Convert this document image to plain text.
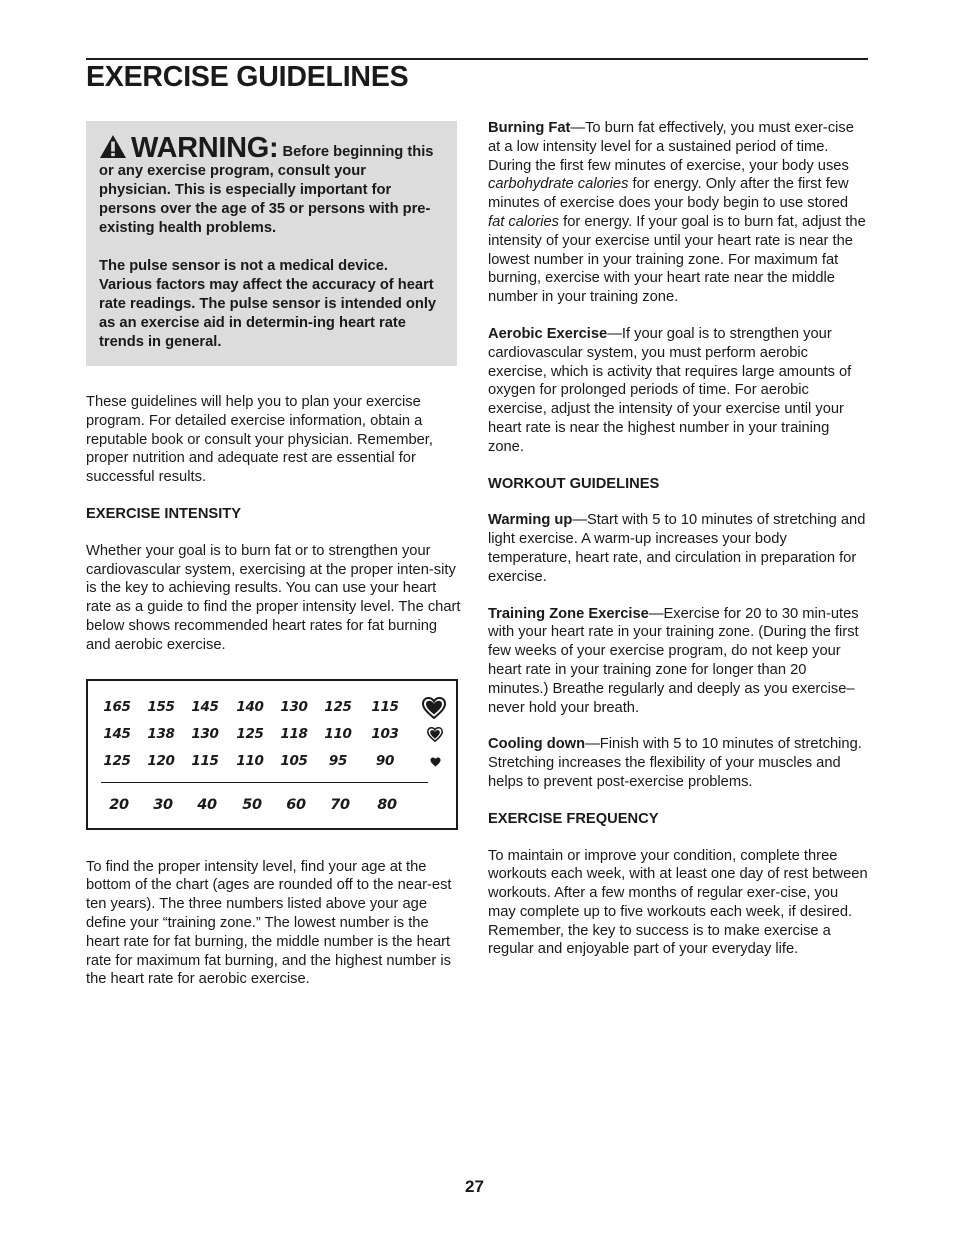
EXERCISE GUIDELINES

WARNING: Before beginning this or any exercise program, consult your physician. This is especially important for persons over the age of 35 or persons with pre-existing health problems.

The pulse sensor is not a medical device. Various factors may affect the accuracy of heart rate readings. The pulse sensor is intended only as an exercise aid in determin-ing heart rate trends in general.

These guidelines will help you to plan your exercise program. For detailed exercise information, obtain a reputable book or consult your physician. Remember, proper nutrition and adequate rest are essential for successful results.

EXERCISE INTENSITY

Whether your goal is to burn fat or to strengthen your cardiovascular system, exercising at the proper inten-sity is the key to achieving results. You can use your heart rate as a guide to find the proper intensity level. The chart below shows recommended heart rates for fat burning and aerobic exercise.

165	155	145	140	130	125	115
145	138	130	125	118	110	103
125	120	115	110	105	95	90
20	30	40	50	60	70	80

To find the proper intensity level, find your age at the bottom of the chart (ages are rounded off to the near-est ten years). The three numbers listed above your age define your “training zone.” The lowest number is the heart rate for fat burning, the middle number is the heart rate for maximum fat burning, and the highest number is the heart rate for aerobic exercise.

Burning Fat—To burn fat effectively, you must exer-cise at a low intensity level for a sustained period of time. During the first few minutes of exercise, your body uses carbohydrate calories for energy. Only after the first few minutes of exercise does your body begin to use stored fat calories for energy. If your goal is to burn fat, adjust the intensity of your exercise until your heart rate is near the lowest number in your training zone. For maximum fat burning, exercise with your heart rate near the middle number in your training zone.

Aerobic Exercise—If your goal is to strengthen your cardiovascular system, you must perform aerobic exercise, which is activity that requires large amounts of oxygen for prolonged periods of time. For aerobic exercise, adjust the intensity of your exercise until your heart rate is near the highest number in your training zone.

WORKOUT GUIDELINES

Warming up—Start with 5 to 10 minutes of stretching and light exercise. A warm-up increases your body temperature, heart rate, and circulation in preparation for exercise.

Training Zone Exercise—Exercise for 20 to 30 min-utes with your heart rate in your training zone. (During the first few weeks of your exercise program, do not keep your heart rate in your training zone for longer than 20 minutes.) Breathe regularly and deeply as you exercise–never hold your breath.

Cooling down—Finish with 5 to 10 minutes of stretching. Stretching increases the flexibility of your muscles and helps to prevent post-exercise problems.

EXERCISE FREQUENCY

To maintain or improve your condition, complete three workouts each week, with at least one day of rest between workouts. After a few months of regular exer-cise, you may complete up to five workouts each week, if desired. Remember, the key to success is to make exercise a regular and enjoyable part of your everyday life.

27
